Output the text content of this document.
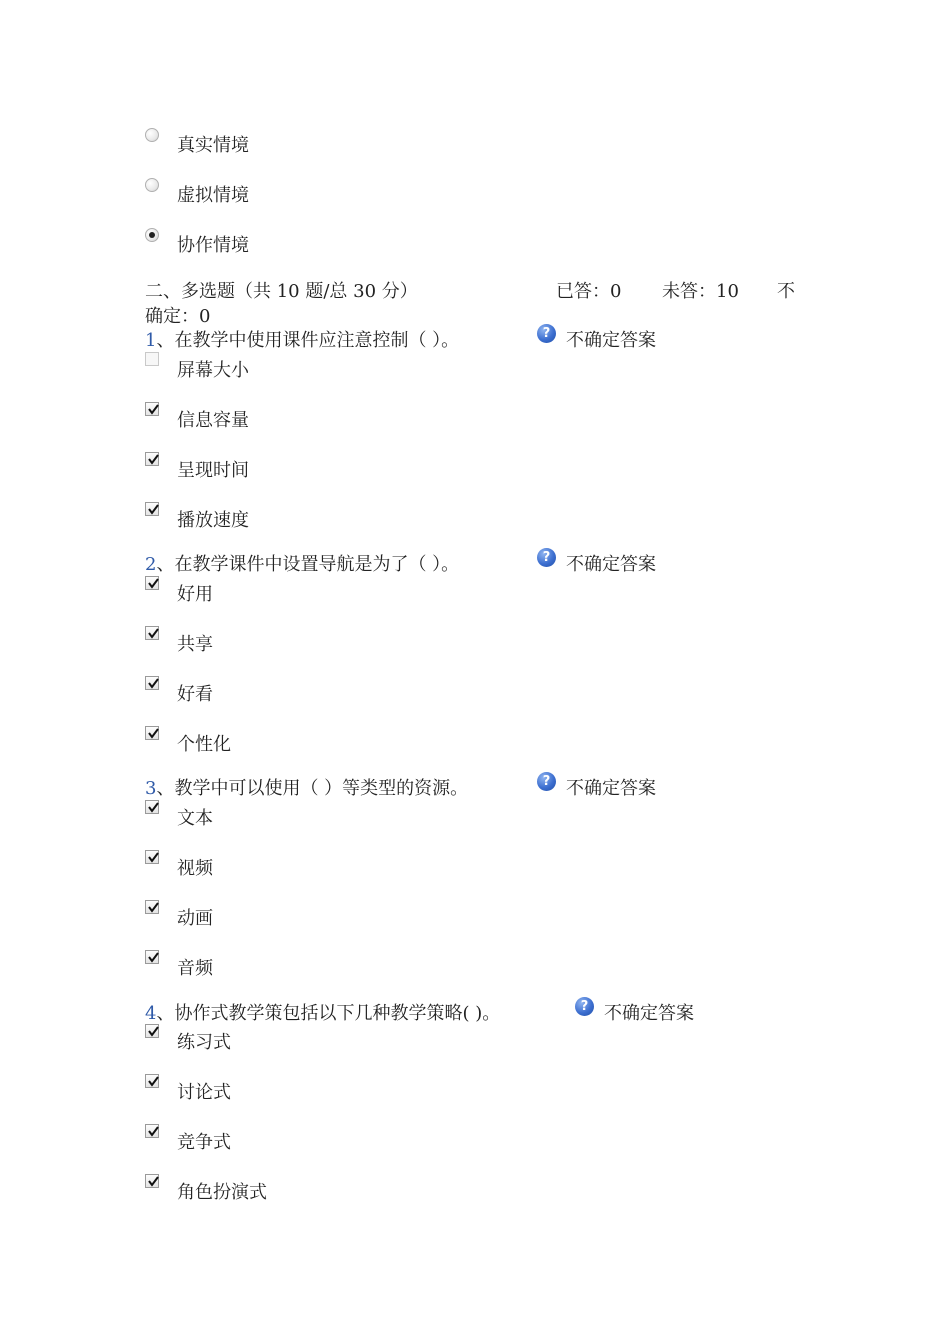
真实情境
虚拟情境
协作情境
二、多选题（共 10 题/总 30 分）	已答：0 未答：10 不
确定：0
1、在教学中使用课件应注意控制（ ）。	? 不确定答案
屏幕大小
信息容量
呈现时间
播放速度
2、在教学课件中设置导航是为了（ ）。	? 不确定答案
好用
共享
好看
个性化
3、教学中可以使用（ ）等类型的资源。	? 不确定答案
文本
视频
动画
音频
4、协作式教学策包括以下几种教学策略( )。	? 不确定答案
练习式
讨论式
竞争式
角色扮演式
